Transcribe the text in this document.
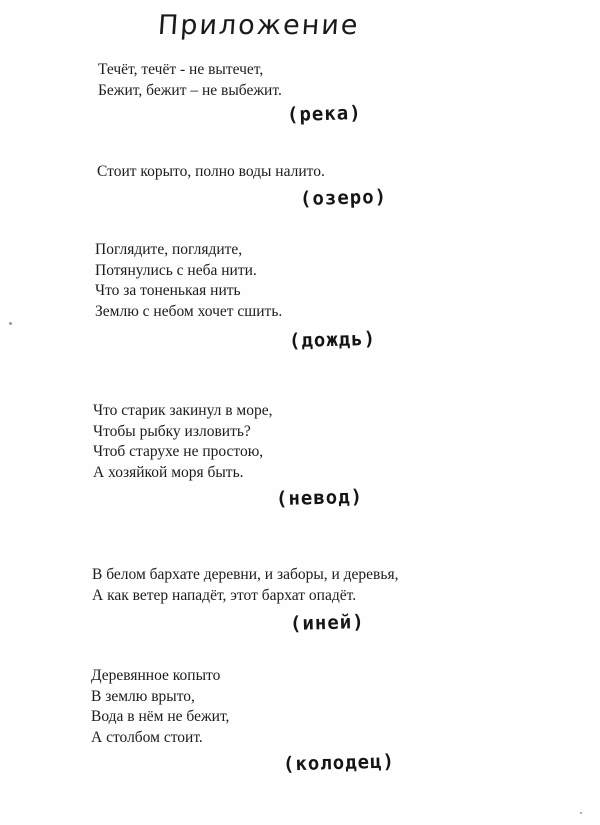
Приложение
Течёт, течёт - не вытечет,
Бежит, бежит – не выбежит.
(река)
Стоит корыто, полно воды налито.
(озеро)
Поглядите, поглядите,
Потянулись с неба нити.
Что за тоненькая нить
Землю с небом хочет сшить.
(дождь)
Что старик закинул в море,
Чтобы рыбку изловить?
Чтоб старухе не простою,
А хозяйкой моря быть.
(невод)
В белом бархате деревни, и заборы, и деревья,
А как ветер нападёт, этот бархат опадёт.
(иней)
Деревянное копыто
В землю врыто,
Вода в нём не бежит,
А столбом стоит.
(колодец)
